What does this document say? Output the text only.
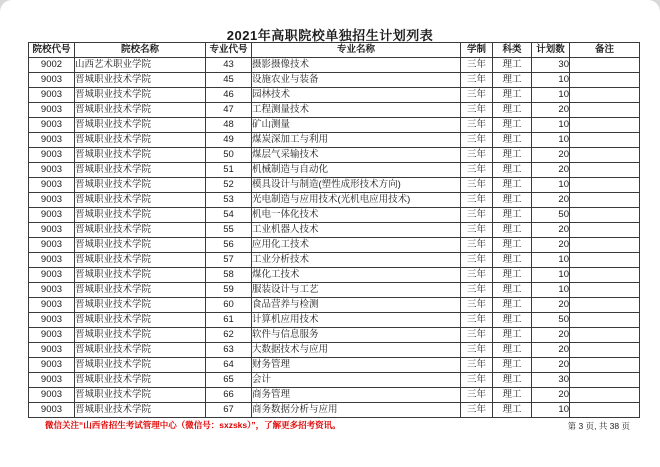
2021年高职院校单独招生计划列表
院校代号	院校名称	专业代号	专业名称	学制	科类	计划数	备注
9002	山西艺术职业学院	43	摄影摄像技术	三年	理工	30	
9003	晋城职业技术学院	45	设施农业与装备	三年	理工	10	
9003	晋城职业技术学院	46	园林技术	三年	理工	10	
9003	晋城职业技术学院	47	工程测量技术	三年	理工	20	
9003	晋城职业技术学院	48	矿山测量	三年	理工	10	
9003	晋城职业技术学院	49	煤炭深加工与利用	三年	理工	10	
9003	晋城职业技术学院	50	煤层气采输技术	三年	理工	20	
9003	晋城职业技术学院	51	机械制造与自动化	三年	理工	20	
9003	晋城职业技术学院	52	模具设计与制造(塑性成形技术方向)	三年	理工	10	
9003	晋城职业技术学院	53	光电制造与应用技术(光机电应用技术)	三年	理工	20	
9003	晋城职业技术学院	54	机电一体化技术	三年	理工	50	
9003	晋城职业技术学院	55	工业机器人技术	三年	理工	20	
9003	晋城职业技术学院	56	应用化工技术	三年	理工	20	
9003	晋城职业技术学院	57	工业分析技术	三年	理工	10	
9003	晋城职业技术学院	58	煤化工技术	三年	理工	10	
9003	晋城职业技术学院	59	服装设计与工艺	三年	理工	10	
9003	晋城职业技术学院	60	食品营养与检测	三年	理工	20	
9003	晋城职业技术学院	61	计算机应用技术	三年	理工	50	
9003	晋城职业技术学院	62	软件与信息服务	三年	理工	20	
9003	晋城职业技术学院	63	大数据技术与应用	三年	理工	20	
9003	晋城职业技术学院	64	财务管理	三年	理工	20	
9003	晋城职业技术学院	65	会计	三年	理工	30	
9003	晋城职业技术学院	66	商务管理	三年	理工	20	
9003	晋城职业技术学院	67	商务数据分析与应用	三年	理工	10	
微信关注“山西省招生考试管理中心（微信号：sxzsks）”，了解更多招考资讯。	第 3 页, 共 38 页
